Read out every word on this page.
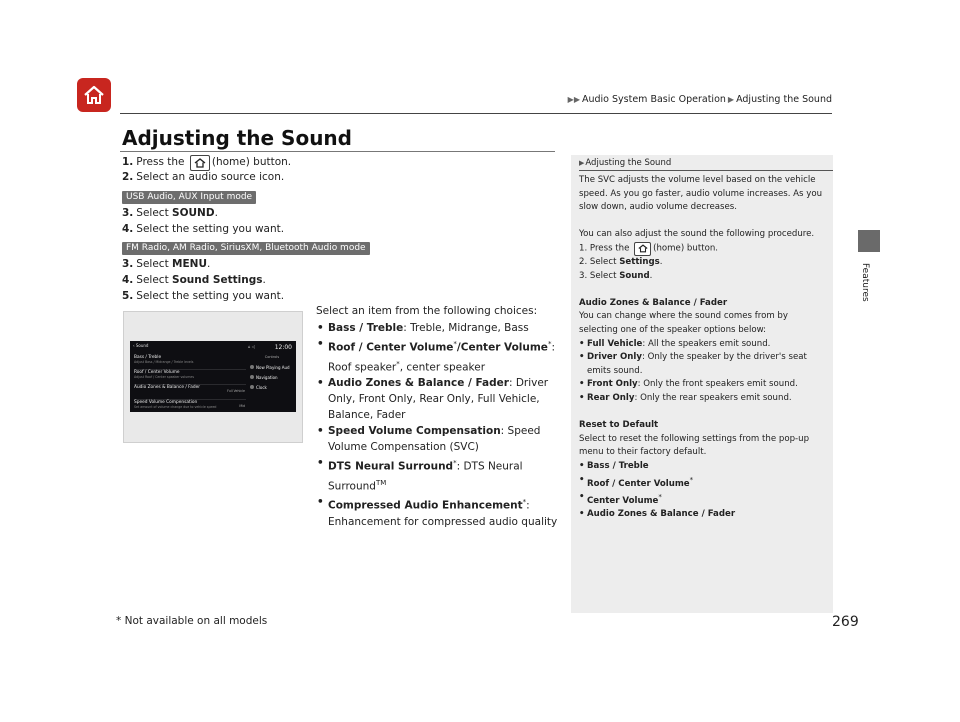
▶▶ Audio System Basic Operation ▶ Adjusting the Sound
Features
Adjusting the Sound
1. Press the	(home) button.
2. Select an audio source icon.
USB Audio, AUX Input mode
3. Select SOUND.
4. Select the setting you want.
FM Radio, AM Radio, SiriusXM, Bluetooth Audio mode
3. Select MENU.
4. Select Sound Settings.
5. Select the setting you want.
‹ Sound	⌂ ◁	12:00
Bass / Treble
Adjust Bass / Midrange / Treble levels
Roof / Center Volume
Adjust Roof / Center speaker volumes
Audio Zones & Balance / Fader
Full Vehicle
Speed Volume Compensation
Set amount of volume change due to vehicle speed	Mid
Controls
Now Playing Aud
Navigation
Clock
Select an item from the following choices:
• Bass / Treble: Treble, Midrange, Bass
• Roof / Center Volume*/Center Volume*:
Roof speaker*, center speaker
• Audio Zones & Balance / Fader: Driver Only, Front Only, Rear Only, Full Vehicle, Balance, Fader
• Speed Volume Compensation: Speed Volume Compensation (SVC)
• DTS Neural Surround*: DTS Neural Surround™
• Compressed Audio Enhancement*:
Enhancement for compressed audio quality
▶Adjusting the Sound

The SVC adjusts the volume level based on the vehicle speed. As you go faster, audio volume increases. As you slow down, audio volume decreases.

You can also adjust the sound the following procedure.

1. Press the	(home) button.

2. Select Settings.

3. Select Sound.

Audio Zones & Balance / Fader

You can change where the sound comes from by selecting one of the speaker options below:

• Full Vehicle: All the speakers emit sound.

• Driver Only: Only the speaker by the driver's seat emits sound.

• Front Only: Only the front speakers emit sound.

• Rear Only: Only the rear speakers emit sound.

Reset to Default

Select to reset the following settings from the pop-up menu to their factory default.

• Bass / Treble

• Roof / Center Volume*

• Center Volume*

• Audio Zones & Balance / Fader

* Not available on all models	269
